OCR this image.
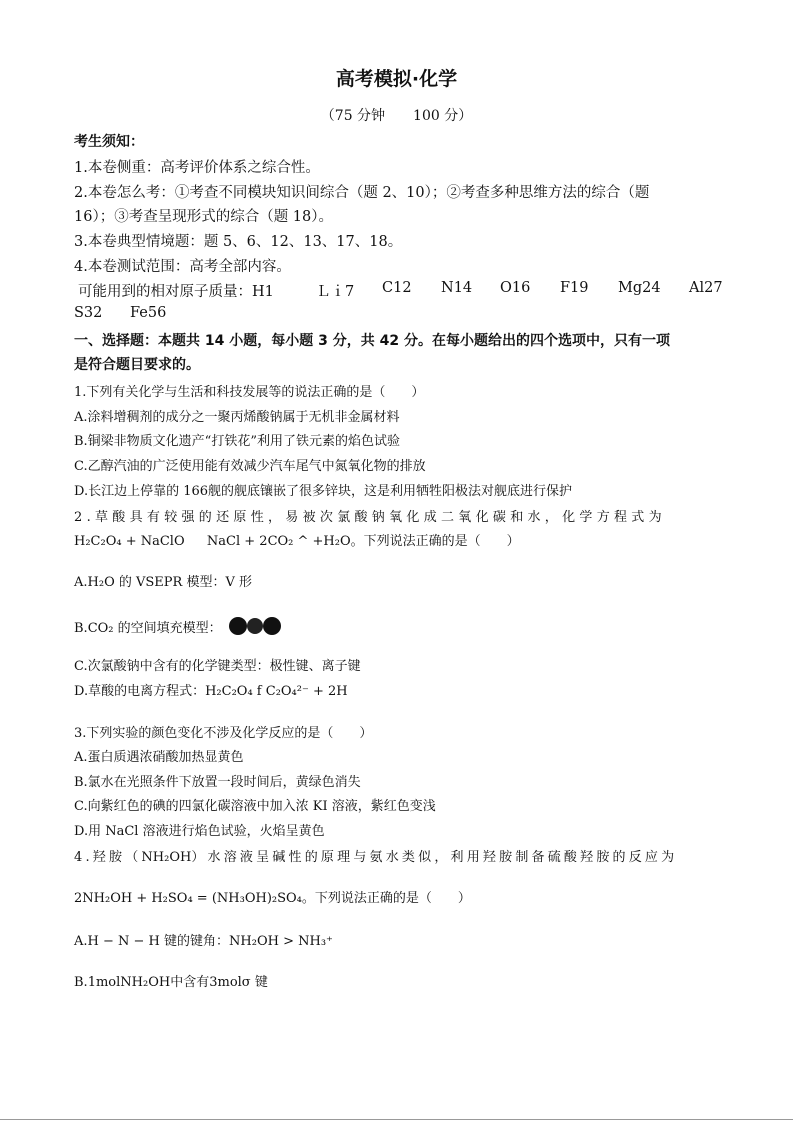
高考模拟·化学
（75 分钟　　100 分）
考生须知：
1.本卷侧重：高考评价体系之综合性。
2.本卷怎么考：①考查不同模块知识间综合（题 2、10）；②考查多种思维方法的综合（题
16）；③考查呈现形式的综合（题 18）。
3.本卷典型情境题：题 5、6、12、13、17、18。
4.本卷测试范围：高考全部内容。
可能用到的相对原子质量：H1	Ｌｉ7 C12 N14 O16 F19 Mg24 Al27
S32 Fe56
一、选择题：本题共 14 小题，每小题 3 分，共 42 分。在每小题给出的四个选项中，只有一项
是符合题目要求的。
1.下列有关化学与生活和科技发展等的说法正确的是（　　）
A.涂料增稠剂的成分之一聚丙烯酸钠属于无机非金属材料
B.铜梁非物质文化遗产“打铁花”利用了铁元素的焰色试验
C.乙醇汽油的广泛使用能有效减少汽车尾气中氮氧化物的排放
D.长江边上停靠的 166舰的舰底镶嵌了很多锌块，这是利用牺牲阳极法对舰底进行保护
2.草酸具有较强的还原性，易被次氯酸钠氧化成二氧化碳和水，化学方程式为
H₂C₂O₄ + NaClO NaCl + 2CO₂ ^ +H₂O。下列说法正确的是（　　）
A.H₂O 的 VSEPR 模型：V 形
B.CO₂ 的空间填充模型：
C.次氯酸钠中含有的化学键类型：极性键、离子键
D.草酸的电离方程式：H₂C₂O₄ f C₂O₄²⁻ + 2H
3.下列实验的颜色变化不涉及化学反应的是（　　）
A.蛋白质遇浓硝酸加热显黄色
B.氯水在光照条件下放置一段时间后，黄绿色消失
C.向紫红色的碘的四氯化碳溶液中加入浓 KI 溶液，紫红色变浅
D.用 NaCl 溶液进行焰色试验，火焰呈黄色
4.羟胺（NH₂OH）水溶液呈碱性的原理与氨水类似，利用羟胺制备硫酸羟胺的反应为
2NH₂OH + H₂SO₄ = (NH₃OH)₂SO₄。下列说法正确的是（　　）
A.H − N − H 键的键角：NH₂OH > NH₃⁺
B.1molNH₂OH中含有3molσ 键
